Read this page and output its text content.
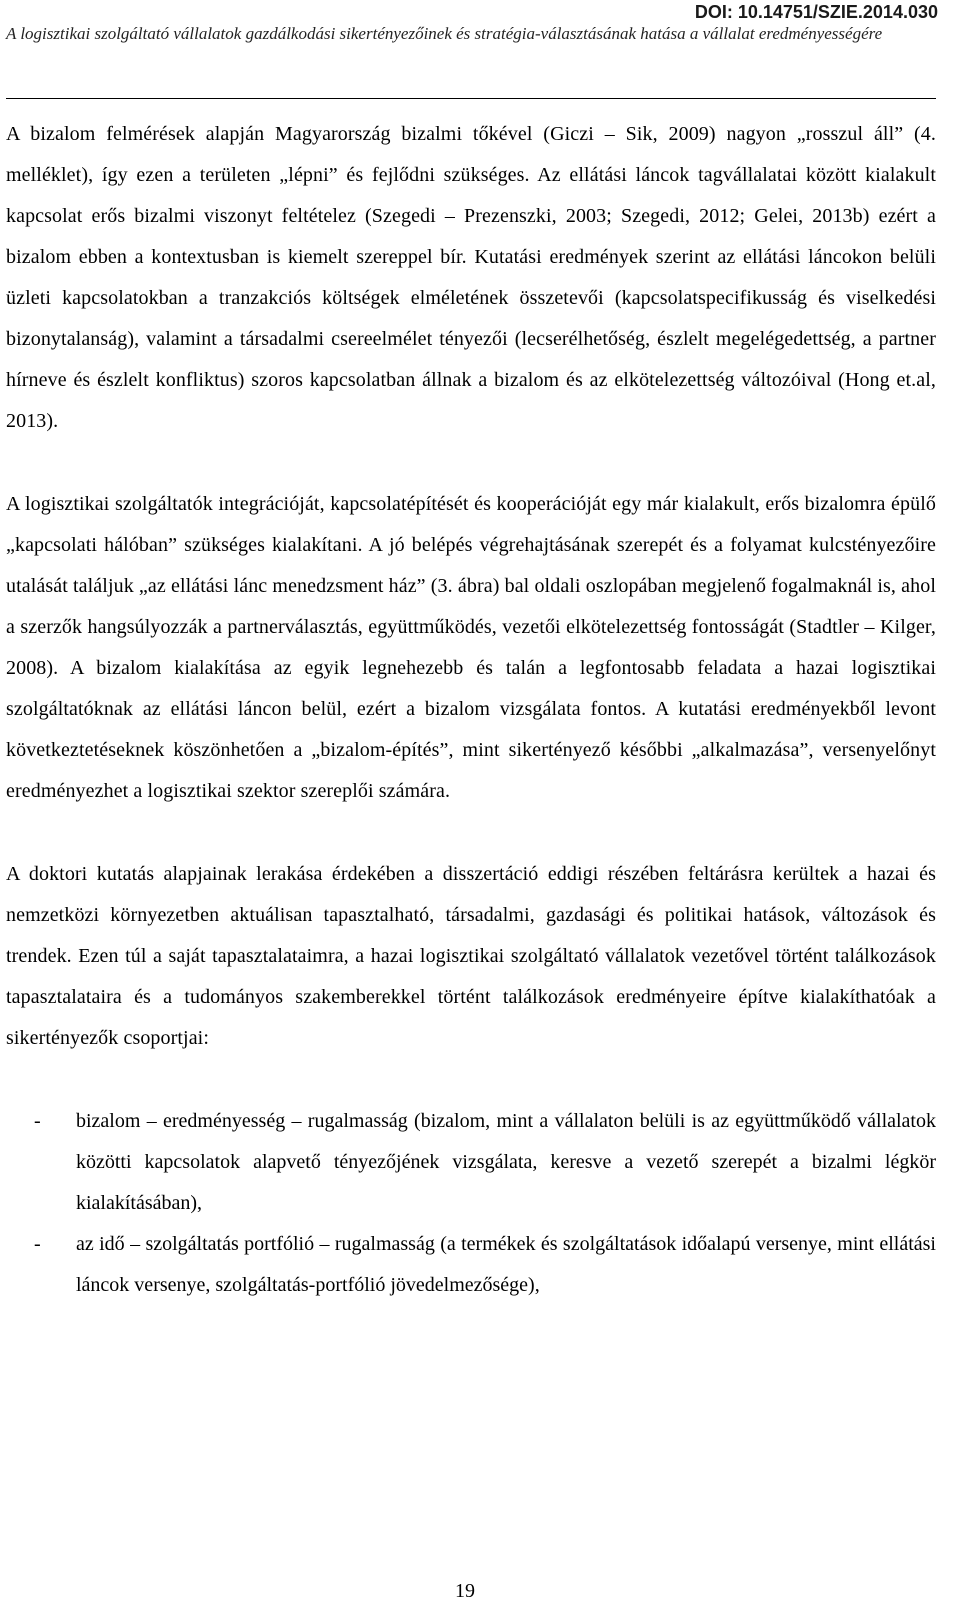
DOI: 10.14751/SZIE.2014.030
A logisztikai szolgáltató vállalatok gazdálkodási sikertényezőinek és stratégia-választásának hatása a vállalat eredményességére

A bizalom felmérések alapján Magyarország bizalmi tőkével (Giczi – Sik, 2009) nagyon „rosszul áll” (4. melléklet), így ezen a területen „lépni” és fejlődni szükséges. Az ellátási láncok tagvállalatai között kialakult kapcsolat erős bizalmi viszonyt feltételez (Szegedi – Prezenszki, 2003; Szegedi, 2012; Gelei, 2013b) ezért a bizalom ebben a kontextusban is kiemelt szereppel bír. Kutatási eredmények szerint az ellátási láncokon belüli üzleti kapcsolatokban a tranzakciós költségek elméletének összetevői (kapcsolatspecifikusság és viselkedési bizonytalanság), valamint a társadalmi csereelmélet tényezői (lecserélhetőség, észlelt megelégedettség, a partner hírneve és észlelt konfliktus) szoros kapcsolatban állnak a bizalom és az elkötelezettség változóival (Hong et.al, 2013).

A logisztikai szolgáltatók integrációját, kapcsolatépítését és kooperációját egy már kialakult, erős bizalomra épülő „kapcsolati hálóban” szükséges kialakítani. A jó belépés végrehajtásának szerepét és a folyamat kulcstényezőire utalását találjuk „az ellátási lánc menedzsment ház” (3. ábra) bal oldali oszlopában megjelenő fogalmaknál is, ahol a szerzők hangsúlyozzák a partnerválasztás, együttműködés, vezetői elkötelezettség fontosságát (Stadtler – Kilger, 2008). A bizalom kialakítása az egyik legnehezebb és talán a legfontosabb feladata a hazai logisztikai szolgáltatóknak az ellátási láncon belül, ezért a bizalom vizsgálata fontos. A kutatási eredményekből levont következtetéseknek köszönhetően a „bizalom-építés”, mint sikertényező későbbi „alkalmazása”, versenyelőnyt eredményezhet a logisztikai szektor szereplői számára.

A doktori kutatás alapjainak lerakása érdekében a disszertáció eddigi részében feltárásra kerültek a hazai és nemzetközi környezetben aktuálisan tapasztalható, társadalmi, gazdasági és politikai hatások, változások és trendek. Ezen túl a saját tapasztalataimra, a hazai logisztikai szolgáltató vállalatok vezetővel történt találkozások tapasztalataira és a tudományos szakemberekkel történt találkozások eredményeire építve kialakíthatóak a sikertényezők csoportjai:

-	bizalom – eredményesség – rugalmasság (bizalom, mint a vállalaton belüli is az együttműködő vállalatok közötti kapcsolatok alapvető tényezőjének vizsgálata, keresve a vezető szerepét a bizalmi légkör kialakításában),
-	az idő – szolgáltatás portfólió – rugalmasság (a termékek és szolgáltatások időalapú versenye, mint ellátási láncok versenye, szolgáltatás-portfólió jövedelmezősége),
19
